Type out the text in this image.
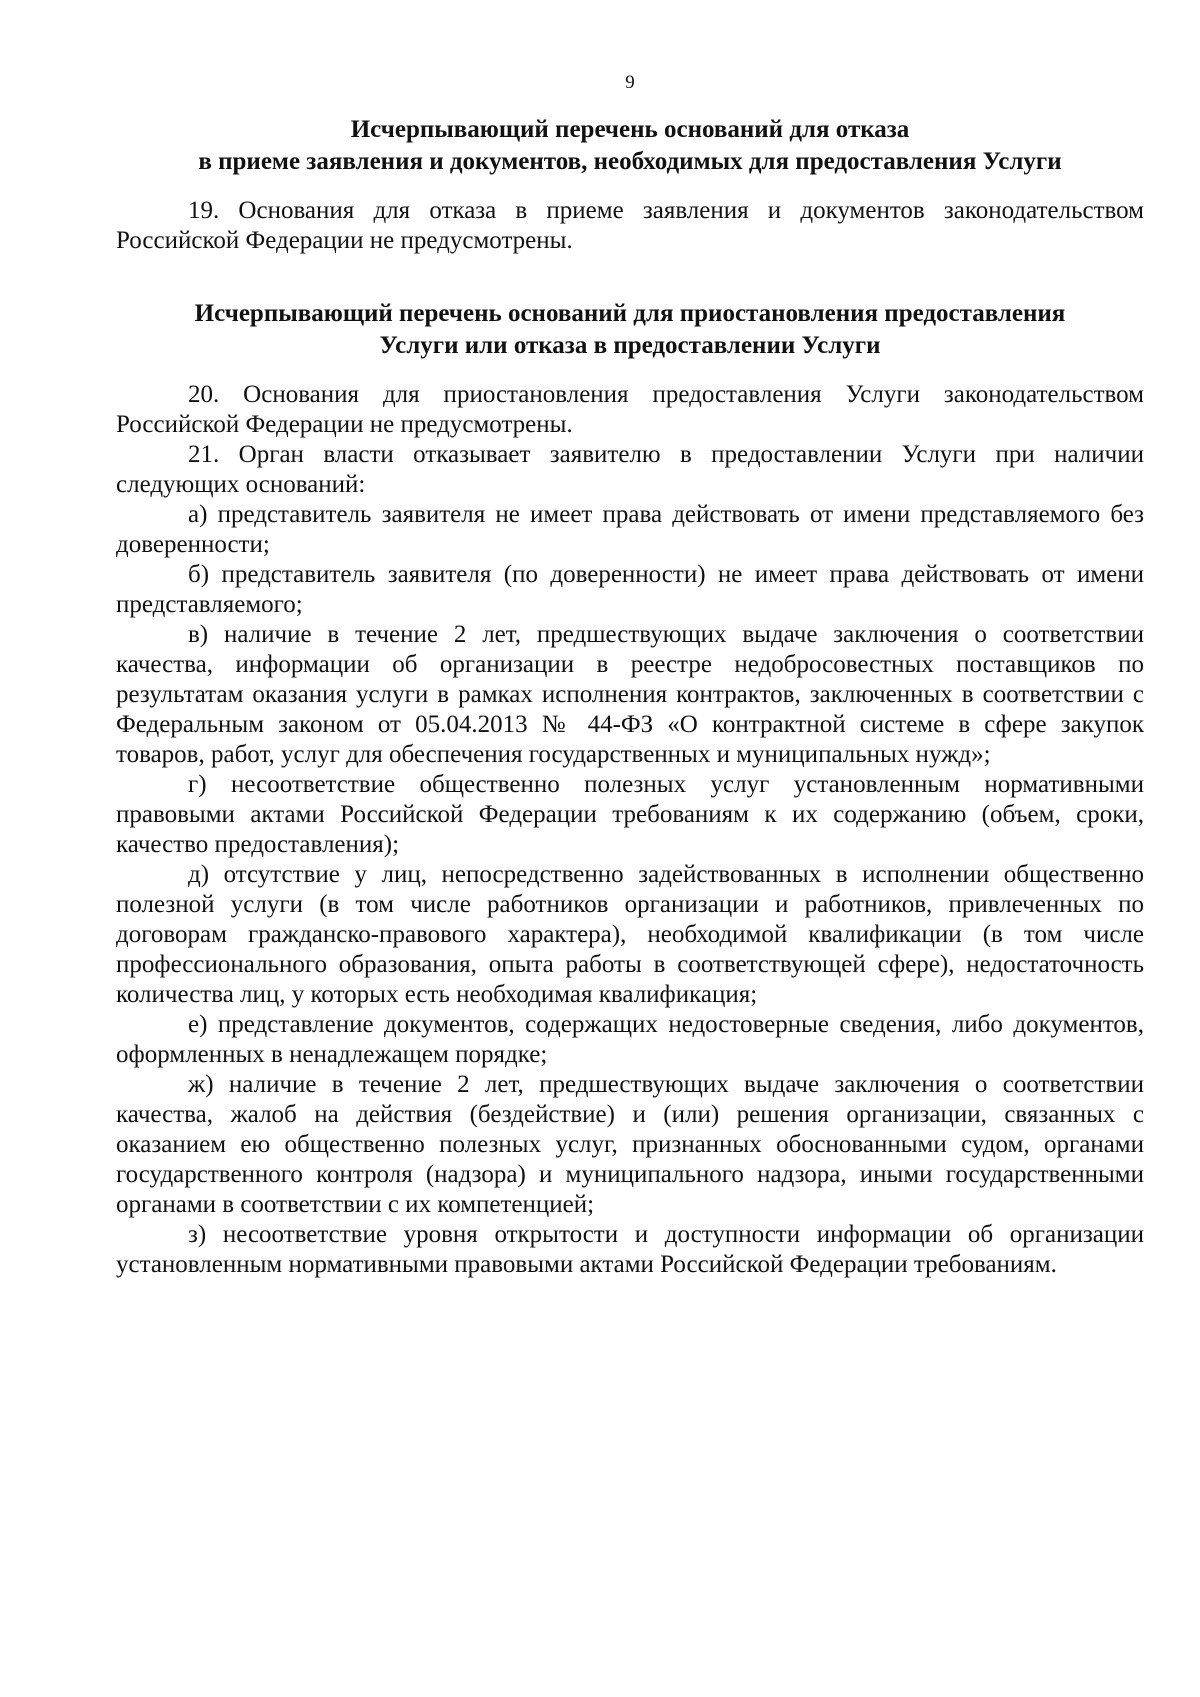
9
Исчерпывающий перечень оснований для отказа
в приеме заявления и документов, необходимых для предоставления Услуги

19. Основания для отказа в приеме заявления и документов законодательством Российской Федерации не предусмотрены.

Исчерпывающий перечень оснований для приостановления предоставления
Услуги или отказа в предоставлении Услуги

20. Основания для приостановления предоставления Услуги законодательством Российской Федерации не предусмотрены.

21. Орган власти отказывает заявителю в предоставлении Услуги при наличии следующих оснований:

а) представитель заявителя не имеет права действовать от имени представляемого без доверенности;

б) представитель заявителя (по доверенности) не имеет права действовать от имени представляемого;

в) наличие в течение 2 лет, предшествующих выдаче заключения о соответствии качества, информации об организации в реестре недобросовестных поставщиков по результатам оказания услуги в рамках исполнения контрактов, заключенных в соответствии с Федеральным законом от 05.04.2013 № 44-ФЗ «О контрактной системе в сфере закупок товаров, работ, услуг для обеспечения государственных и муниципальных нужд»;

г) несоответствие общественно полезных услуг установленным нормативными правовыми актами Российской Федерации требованиям к их содержанию (объем, сроки, качество предоставления);

д) отсутствие у лиц, непосредственно задействованных в исполнении общественно полезной услуги (в том числе работников организации и работников, привлеченных по договорам гражданско-правового характера), необходимой квалификации (в том числе профессионального образования, опыта работы в соответствующей сфере), недостаточность количества лиц, у которых есть необходимая квалификация;

е) представление документов, содержащих недостоверные сведения, либо документов, оформленных в ненадлежащем порядке;

ж) наличие в течение 2 лет, предшествующих выдаче заключения о соответствии качества, жалоб на действия (бездействие) и (или) решения организации, связанных с оказанием ею общественно полезных услуг, признанных обоснованными судом, органами государственного контроля (надзора) и муниципального надзора, иными государственными органами в соответствии с их компетенцией;

з) несоответствие уровня открытости и доступности информации об организации установленным нормативными правовыми актами Российской Федерации требованиям.
